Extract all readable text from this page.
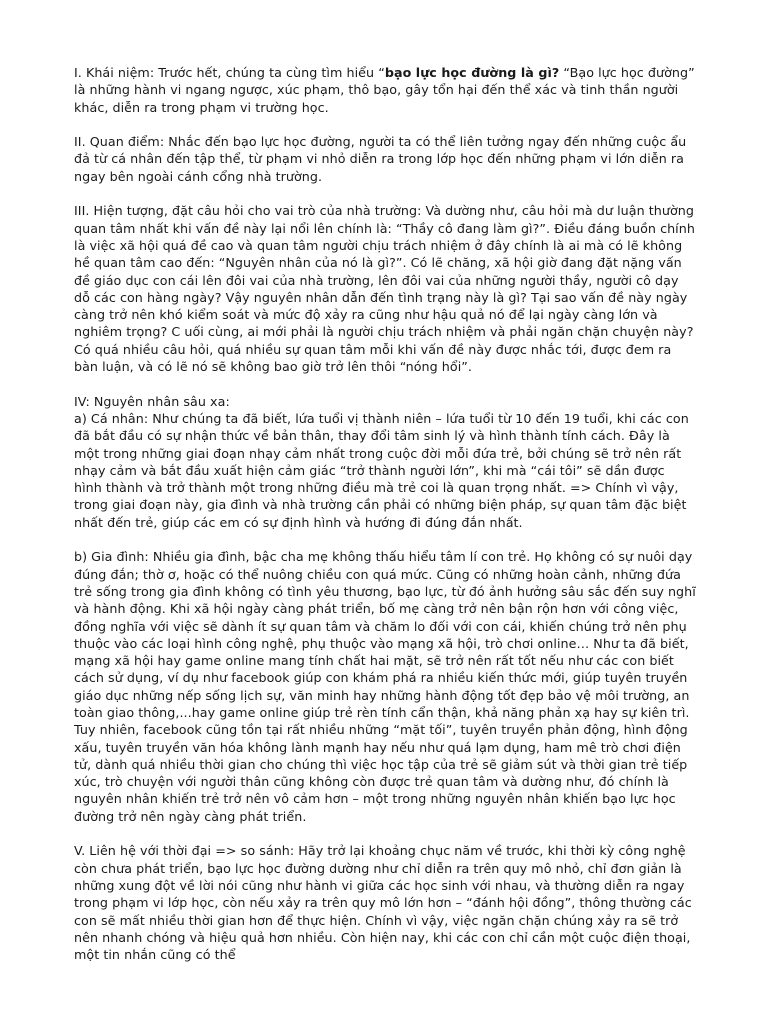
I. Khái niệm: Trước hết, chúng ta cùng tìm hiểu “bạo lực học đường là gì? “Bạo lực học đường” là những hành vi ngang ngược, xúc phạm, thô bạo, gây tổn hại đến thể xác và tinh thần người khác, diễn ra trong phạm vi trường học.

II. Quan điểm: Nhắc đến bạo lực học đường, người ta có thể liên tưởng ngay đến những cuộc ẩu đả từ cá nhân đến tập thể, từ phạm vi nhỏ diễn ra trong lớp học đến những phạm vi lớn diễn ra ngay bên ngoài cánh cổng nhà trường.

III. Hiện tượng, đặt câu hỏi cho vai trò của nhà trường: Và dường như, câu hỏi mà dư luận thường quan tâm nhất khi vấn đề này lại nổi lên chính là: “Thầy cô đang làm gì?”. Điều đáng buồn chính là việc xã hội quá đề cao và quan tâm người chịu trách nhiệm ở đây chính là ai mà có lẽ không hề quan tâm cao đến: “Nguyên nhân của nó là gì?”. Có lẽ chăng, xã hội giờ đang đặt nặng vấn đề giáo dục con cái lên đôi vai của nhà trường, lên đôi vai của những người thầy, người cô dạy dỗ các con hàng ngày? Vậy nguyên nhân dẫn đến tình trạng này là gì? Tại sao vấn đề này ngày càng trở nên khó kiểm soát và mức độ xảy ra cũng như hậu quả nó để lại ngày càng lớn và nghiêm trọng? C uối cùng, ai mới phải là người chịu trách nhiệm và phải ngăn chặn chuyện này? Có quá nhiều câu hỏi, quá nhiều sự quan tâm mỗi khi vấn đề này được nhắc tới, được đem ra bàn luận, và có lẽ nó sẽ không bao giờ trở lên thôi “nóng hổi”.

IV: Nguyên nhân sâu xa:

a) Cá nhân: Như chúng ta đã biết, lứa tuổi vị thành niên – lứa tuổi từ 10 đến 19 tuổi, khi các con đã bắt đầu có sự nhận thức về bản thân, thay đổi tâm sinh lý và hình thành tính cách. Đây là một trong những giai đoạn nhạy cảm nhất trong cuộc đời mỗi đứa trẻ, bởi chúng sẽ trở nên rất nhạy cảm và bắt đầu xuất hiện cảm giác “trở thành người lớn”, khi mà “cái tôi” sẽ dần được hình thành và trở thành một trong những điều mà trẻ coi là quan trọng nhất. => Chính vì vậy, trong giai đoạn này, gia đình và nhà trường cần phải có những biện pháp, sự quan tâm đặc biệt nhất đến trẻ, giúp các em có sự định hình và hướng đi đúng đắn nhất.

b) Gia đình: Nhiều gia đình, bậc cha mẹ không thấu hiểu tâm lí con trẻ. Họ không có sự nuôi dạy đúng đắn; thờ ơ, hoặc có thể nuông chiều con quá mức. Cũng có những hoàn cảnh, những đứa trẻ sống trong gia đình không có tình yêu thương, bạo lực, từ đó ảnh hưởng sâu sắc đến suy nghĩ và hành động. Khi xã hội ngày càng phát triển, bố mẹ càng trở nên bận rộn hơn với công việc, đồng nghĩa với việc sẽ dành ít sự quan tâm và chăm lo đối với con cái, khiến chúng trở nên phụ thuộc vào các loại hình công nghệ, phụ thuộc vào mạng xã hội, trò chơi online… Như ta đã biết, mạng xã hội hay game online mang tính chất hai mặt, sẽ trở nên rất tốt nếu như các con biết cách sử dụng, ví dụ như facebook giúp con khám phá ra nhiều kiến thức mới, giúp tuyên truyền giáo dục những nếp sống lịch sự, văn minh hay những hành động tốt đẹp bảo vệ môi trường, an toàn giao thông,...hay game online giúp trẻ rèn tính cẩn thận, khả năng phản xạ hay sự kiên trì. Tuy nhiên, facebook cũng tồn tại rất nhiều những “mặt tối”, tuyên truyền phản động, hình động xấu, tuyên truyền văn hóa không lành mạnh hay nếu như quá lạm dụng, ham mê trò chơi điện tử, dành quá nhiều thời gian cho chúng thì việc học tập của trẻ sẽ giảm sút và thời gian trẻ tiếp xúc, trò chuyện với người thân cũng không còn được trẻ quan tâm và dường như, đó chính là nguyên nhân khiến trẻ trở nên vô cảm hơn – một trong những nguyên nhân khiến bạo lực học đường trở nên ngày càng phát triển.

V. Liên hệ với thời đại => so sánh: Hãy trở lại khoảng chục năm về trước, khi thời kỳ công nghệ còn chưa phát triển, bạo lực học đường dường như chỉ diễn ra trên quy mô nhỏ, chỉ đơn giản là những xung đột về lời nói cũng như hành vi giữa các học sinh với nhau, và thường diễn ra ngay trong phạm vi lớp học, còn nếu xảy ra trên quy mô lớn hơn – “đánh hội đồng”, thông thường các con sẽ mất nhiều thời gian hơn để thực hiện. Chính vì vậy, việc ngăn chặn chúng xảy ra sẽ trở nên nhanh chóng và hiệu quả hơn nhiều. Còn hiện nay, khi các con chỉ cần một cuộc điện thoại, một tin nhắn cũng có thể
